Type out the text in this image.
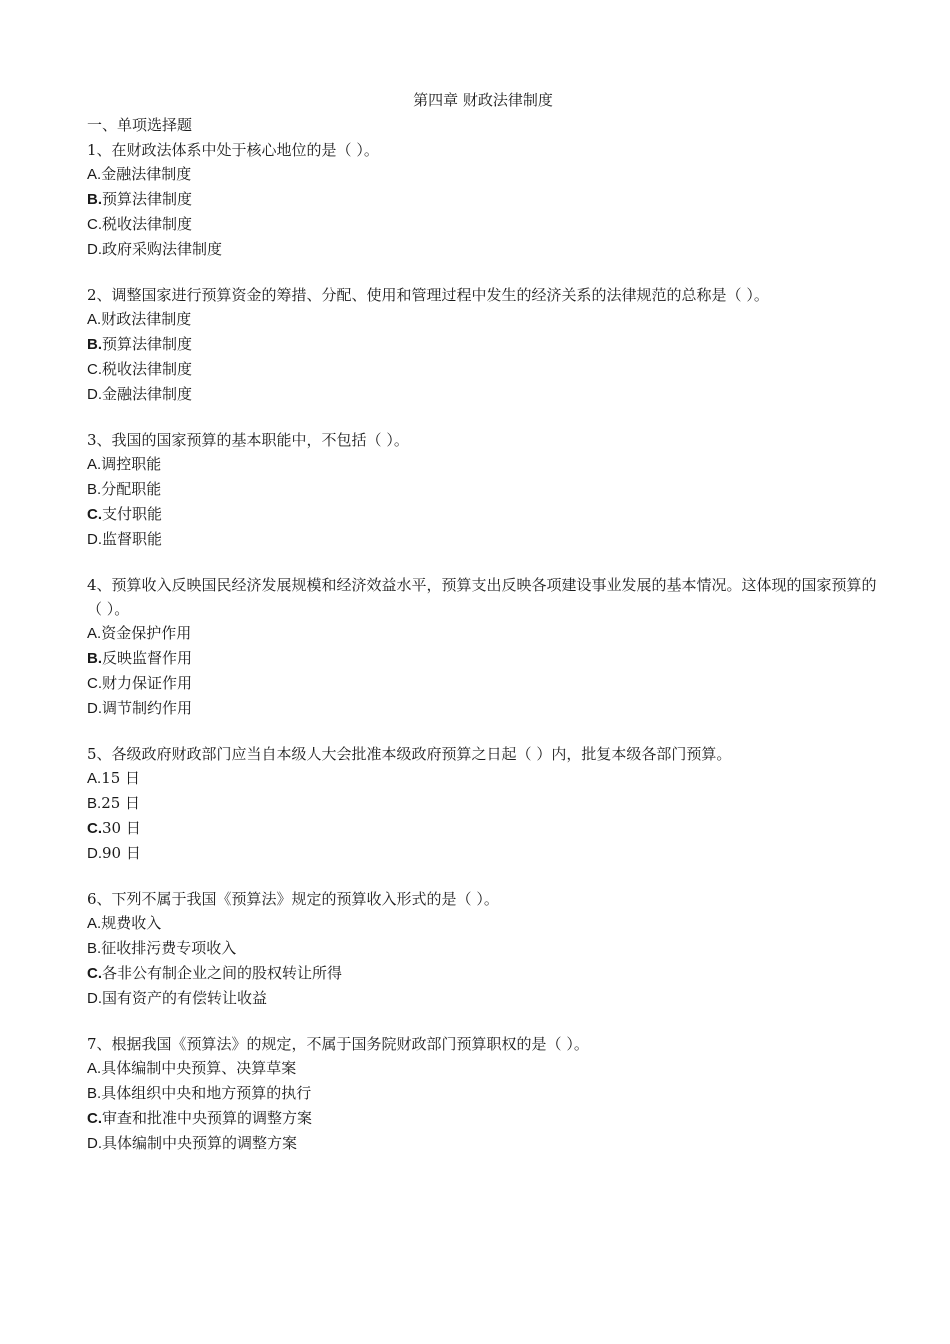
第四章 财政法律制度
一、单项选择题
1、在财政法体系中处于核心地位的是（ ）。
A.金融法律制度
B.预算法律制度
C.税收法律制度
D.政府采购法律制度
2、调整国家进行预算资金的筹措、分配、使用和管理过程中发生的经济关系的法律规范的总称是（ ）。
A.财政法律制度
B.预算法律制度
C.税收法律制度
D.金融法律制度
3、我国的国家预算的基本职能中，不包括（ ）。
A.调控职能
B.分配职能
C.支付职能
D.监督职能
4、预算收入反映国民经济发展规模和经济效益水平，预算支出反映各项建设事业发展的基本情况。这体现的国家预算的（ ）。
A.资金保护作用
B.反映监督作用
C.财力保证作用
D.调节制约作用
5、各级政府财政部门应当自本级人大会批准本级政府预算之日起（ ）内，批复本级各部门预算。
A.15 日
B.25 日
C.30 日
D.90 日
6、下列不属于我国《预算法》规定的预算收入形式的是（ ）。
A.规费收入
B.征收排污费专项收入
C.各非公有制企业之间的股权转让所得
D.国有资产的有偿转让收益
7、根据我国《预算法》的规定，不属于国务院财政部门预算职权的是（ ）。
A.具体编制中央预算、决算草案
B.具体组织中央和地方预算的执行
C.审查和批准中央预算的调整方案
D.具体编制中央预算的调整方案
